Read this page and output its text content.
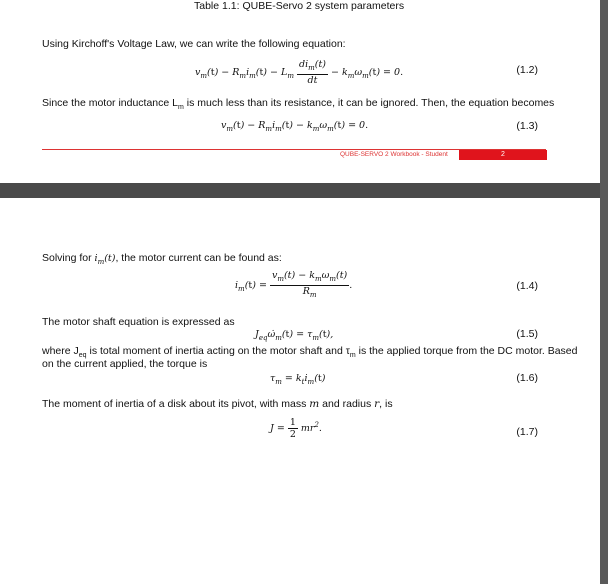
Table 1.1: QUBE-Servo 2 system parameters
Using Kirchoff's Voltage Law, we can write the following equation:
$v_m(t) - R_mi_m(t) - L_m \frac{di_m(t)}{dt} - k_m\omega_m(t) = 0$.	(1.2)
Since the motor inductance $L_m$ is much less than its resistance, it can be ignored. Then, the equation becomes
$v_m(t) - R_mi_m(t) - k_m\omega_m(t) = 0$.	(1.3)
QUBE-SERVO 2 Workbook - Student	2
Solving for $i_m(t)$, the motor current can be found as:
$i_m(t) = \frac{v_m(t) - k_m\omega_m(t)}{R_m}$ .	(1.4)
The motor shaft equation is expressed as
$J_{eq}\omegȧ_m(t) = \tau_m(t)$,	(1.5)
where $J_{eq}$ is total moment of inertia acting on the motor shaft and $\tau_m$ is the applied torque from the DC motor. Based
on the current applied, the torque is
$\tau_m = k_ti_m(t)$	(1.6)
The moment of inertia of a disk about its pivot, with mass m and radius r, is
$J = \frac{1}{2} mr^2$.	(1.7)
